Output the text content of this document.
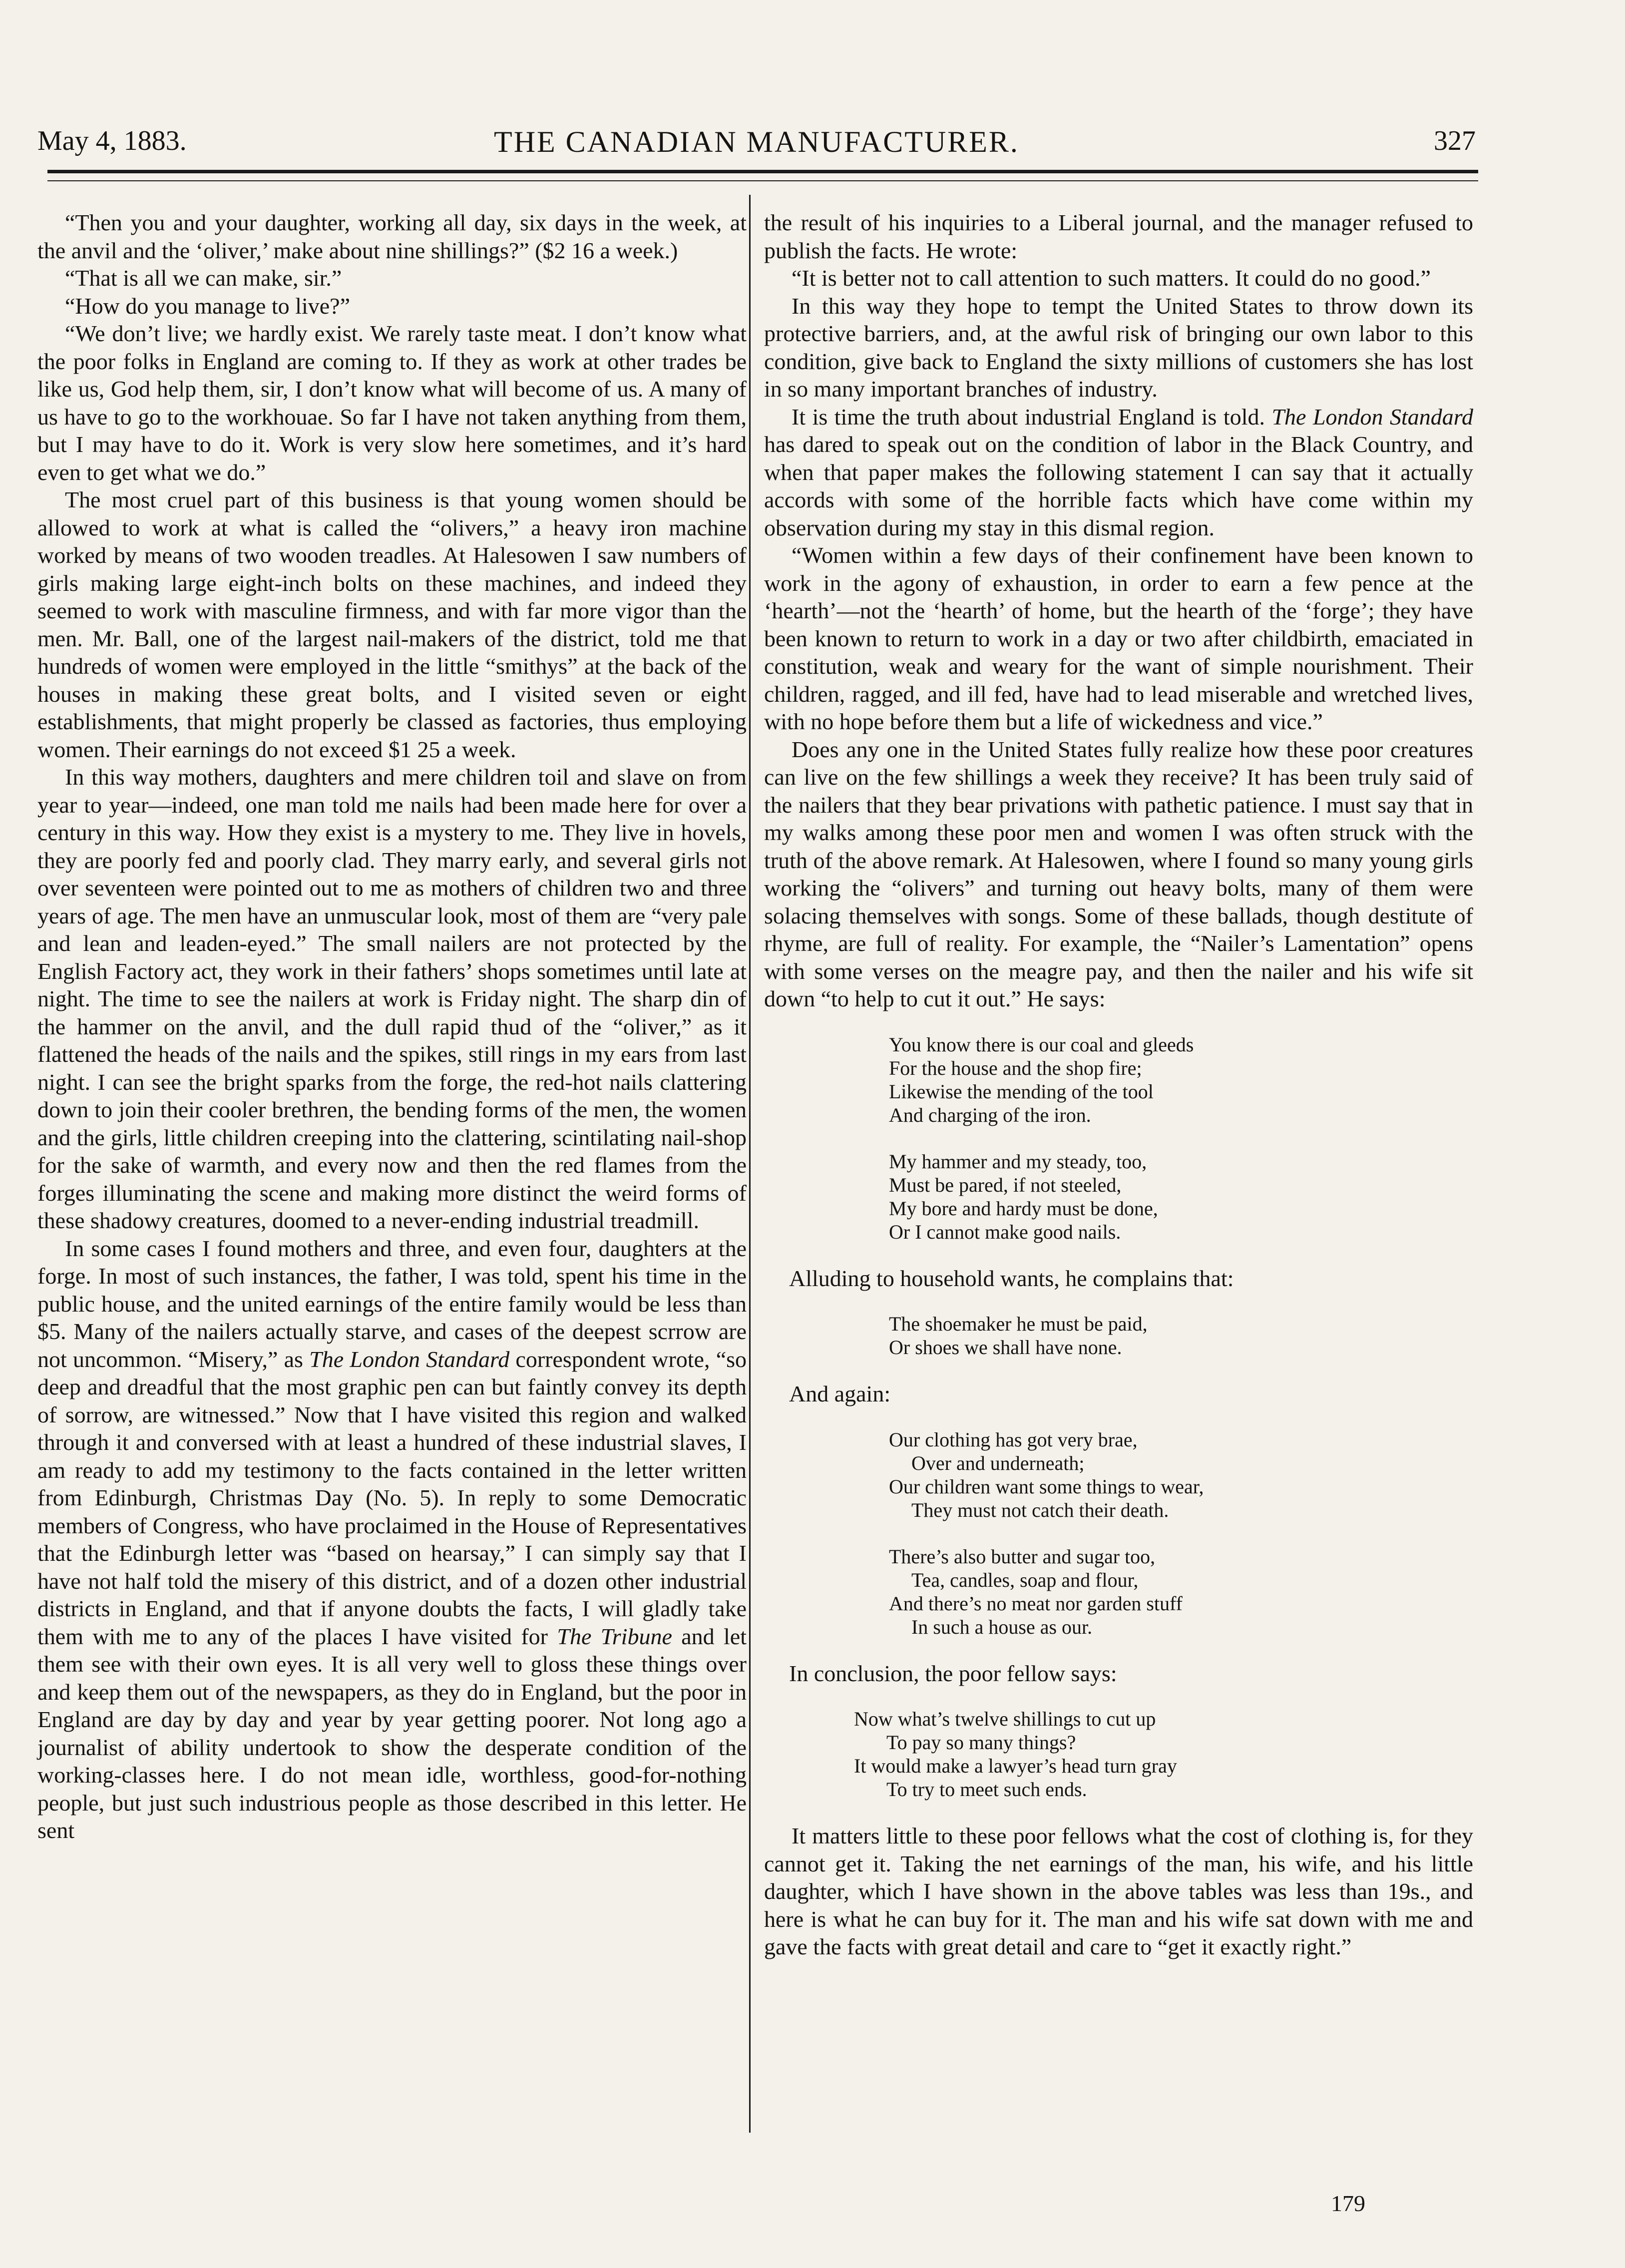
May 4, 1883.	THE CANADIAN MANUFACTURER.	327

“Then you and your daughter, working all day, six days in the week, at the anvil and the ‘oliver,’ make about nine shillings?” ($2 16 a week.)

“That is all we can make, sir.”

“How do you manage to live?”

“We don’t live; we hardly exist. We rarely taste meat. I don’t know what the poor folks in England are coming to. If they as work at other trades be like us, God help them, sir, I don’t know what will become of us. A many of us have to go to the workhouae. So far I have not taken anything from them, but I may have to do it. Work is very slow here sometimes, and it’s hard even to get what we do.”

The most cruel part of this business is that young women should be allowed to work at what is called the “olivers,” a heavy iron machine worked by means of two wooden treadles. At Halesowen I saw numbers of girls making large eight-inch bolts on these machines, and indeed they seemed to work with masculine firmness, and with far more vigor than the men. Mr. Ball, one of the largest nail-makers of the district, told me that hundreds of women were employed in the little “smithys” at the back of the houses in making these great bolts, and I visited seven or eight establishments, that might properly be classed as factories, thus employing women. Their earnings do not exceed $1 25 a week.

In this way mothers, daughters and mere children toil and slave on from year to year—indeed, one man told me nails had been made here for over a century in this way. How they exist is a mystery to me. They live in hovels, they are poorly fed and poorly clad. They marry early, and several girls not over seventeen were pointed out to me as mothers of children two and three years of age. The men have an unmuscular look, most of them are “very pale and lean and leaden-eyed.” The small nailers are not protected by the English Factory act, they work in their fathers’ shops sometimes until late at night. The time to see the nailers at work is Friday night. The sharp din of the hammer on the anvil, and the dull rapid thud of the “oliver,” as it flattened the heads of the nails and the spikes, still rings in my ears from last night. I can see the bright sparks from the forge, the red-hot nails clattering down to join their cooler brethren, the bending forms of the men, the women and the girls, little children creeping into the clattering, scintilating nail-shop for the sake of warmth, and every now and then the red flames from the forges illuminating the scene and making more distinct the weird forms of these shadowy creatures, doomed to a never-ending industrial treadmill.

In some cases I found mothers and three, and even four, daughters at the forge. In most of such instances, the father, I was told, spent his time in the public house, and the united earnings of the entire family would be less than $5. Many of the nailers actually starve, and cases of the deepest scrrow are not uncommon. “Misery,” as The London Standard correspondent wrote, “so deep and dreadful that the most graphic pen can but faintly convey its depth of sorrow, are witnessed.” Now that I have visited this region and walked through it and conversed with at least a hundred of these industrial slaves, I am ready to add my testimony to the facts contained in the letter written from Edinburgh, Christmas Day (No. 5). In reply to some Democratic members of Congress, who have proclaimed in the House of Representatives that the Edinburgh letter was “based on hearsay,” I can simply say that I have not half told the misery of this district, and of a dozen other industrial districts in England, and that if anyone doubts the facts, I will gladly take them with me to any of the places I have visited for The Tribune and let them see with their own eyes. It is all very well to gloss these things over and keep them out of the newspapers, as they do in England, but the poor in England are day by day and year by year getting poorer. Not long ago a journalist of ability undertook to show the desperate condition of the working-classes here. I do not mean idle, worthless, good-for-nothing people, but just such industrious people as those described in this letter. He sent

the result of his inquiries to a Liberal journal, and the manager refused to publish the facts. He wrote:

“It is better not to call attention to such matters. It could do no good.”

In this way they hope to tempt the United States to throw down its protective barriers, and, at the awful risk of bringing our own labor to this condition, give back to England the sixty millions of customers she has lost in so many important branches of industry.

It is time the truth about industrial England is told. The London Standard has dared to speak out on the condition of labor in the Black Country, and when that paper makes the following statement I can say that it actually accords with some of the horrible facts which have come within my observation during my stay in this dismal region.

“Women within a few days of their confinement have been known to work in the agony of exhaustion, in order to earn a few pence at the ‘hearth’—not the ‘hearth’ of home, but the hearth of the ‘forge’; they have been known to return to work in a day or two after childbirth, emaciated in constitution, weak and weary for the want of simple nourishment. Their children, ragged, and ill fed, have had to lead miserable and wretched lives, with no hope before them but a life of wickedness and vice.”

Does any one in the United States fully realize how these poor creatures can live on the few shillings a week they receive? It has been truly said of the nailers that they bear privations with pathetic patience. I must say that in my walks among these poor men and women I was often struck with the truth of the above remark. At Halesowen, where I found so many young girls working the “olivers” and turning out heavy bolts, many of them were solacing themselves with songs. Some of these ballads, though destitute of rhyme, are full of reality. For example, the “Nailer’s Lamentation” opens with some verses on the meagre pay, and then the nailer and his wife sit down “to help to cut it out.” He says:

You know there is our coal and gleeds
For the house and the shop fire;
Likewise the mending of the tool
And charging of the iron.
My hammer and my steady, too,
Must be pared, if not steeled,
My bore and hardy must be done,
Or I cannot make good nails.

Alluding to household wants, he complains that:

The shoemaker he must be paid,
Or shoes we shall have none.

And again:

Our clothing has got very brae,
Over and underneath;
Our children want some things to wear,
They must not catch their death.
There’s also butter and sugar too,
Tea, candles, soap and flour,
And there’s no meat nor garden stuff
In such a house as our.

In conclusion, the poor fellow says:

Now what’s twelve shillings to cut up
To pay so many things?
It would make a lawyer’s head turn gray
To try to meet such ends.

It matters little to these poor fellows what the cost of clothing is, for they cannot get it. Taking the net earnings of the man, his wife, and his little daughter, which I have shown in the above tables was less than 19s., and here is what he can buy for it. The man and his wife sat down with me and gave the facts with great detail and care to “get it exactly right.”

179
